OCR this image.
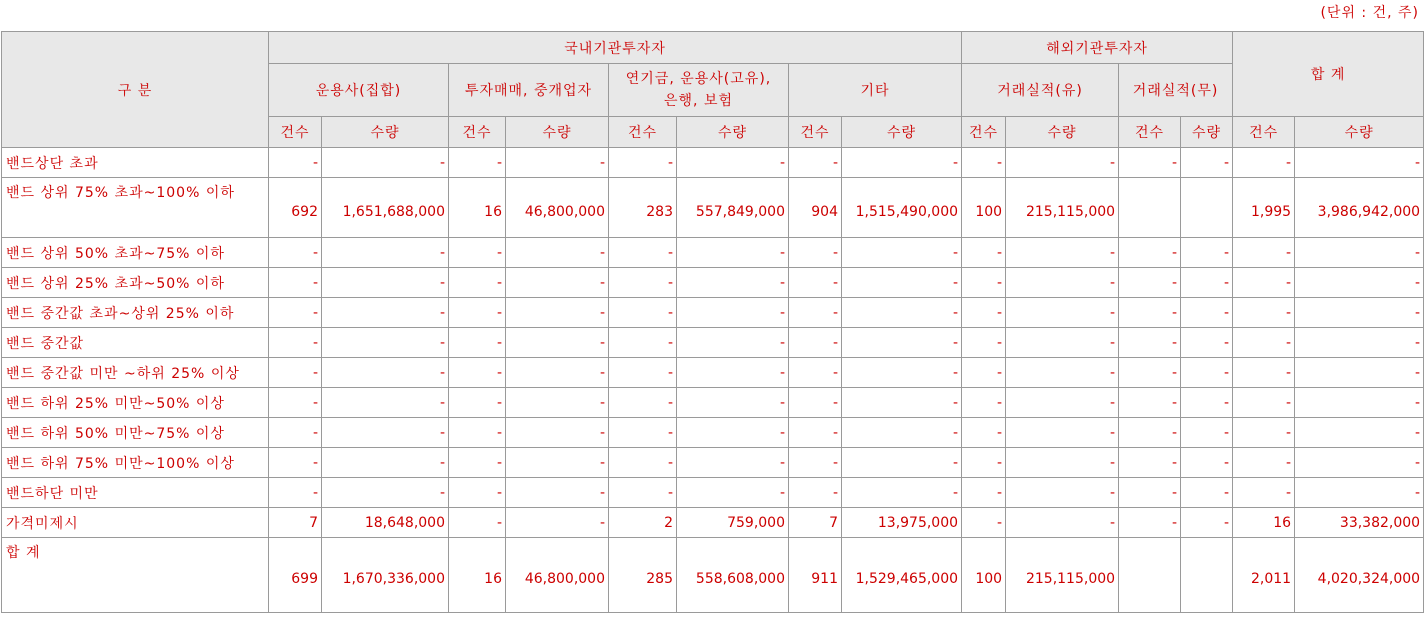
(단위 : 건, 주)
구 분	국내기관투자자								해외기관투자자				합 계	
	운용사(집합)		투자매매, 중개업자		연기금, 운용사(고유),
은행, 보험		기타		거래실적(유)		거래실적(무)			
	건수	수량	건수	수량	건수	수량	건수	수량	건수	수량	건수	수량	건수	수량
밴드상단 초과	-	-	-	-	-	-	-	-	-	-	-	-	-	-
밴드 상위 75% 초과~100% 이하	692	1,651,688,000	16	46,800,000	283	557,849,000	904	1,515,490,000	100	215,115,000			1,995	3,986,942,000
밴드 상위 50% 초과~75% 이하	-	-	-	-	-	-	-	-	-	-	-	-	-	-
밴드 상위 25% 초과~50% 이하	-	-	-	-	-	-	-	-	-	-	-	-	-	-
밴드 중간값 초과~상위 25% 이하	-	-	-	-	-	-	-	-	-	-	-	-	-	-
밴드 중간값	-	-	-	-	-	-	-	-	-	-	-	-	-	-
밴드 중간값 미만 ~하위 25% 이상	-	-	-	-	-	-	-	-	-	-	-	-	-	-
밴드 하위 25% 미만~50% 이상	-	-	-	-	-	-	-	-	-	-	-	-	-	-
밴드 하위 50% 미만~75% 이상	-	-	-	-	-	-	-	-	-	-	-	-	-	-
밴드 하위 75% 미만~100% 이상	-	-	-	-	-	-	-	-	-	-	-	-	-	-
밴드하단 미만	-	-	-	-	-	-	-	-	-	-	-	-	-	-
가격미제시	7	18,648,000	-	-	2	759,000	7	13,975,000	-	-	-	-	16	33,382,000
합 계	699	1,670,336,000	16	46,800,000	285	558,608,000	911	1,529,465,000	100	215,115,000			2,011	4,020,324,000
